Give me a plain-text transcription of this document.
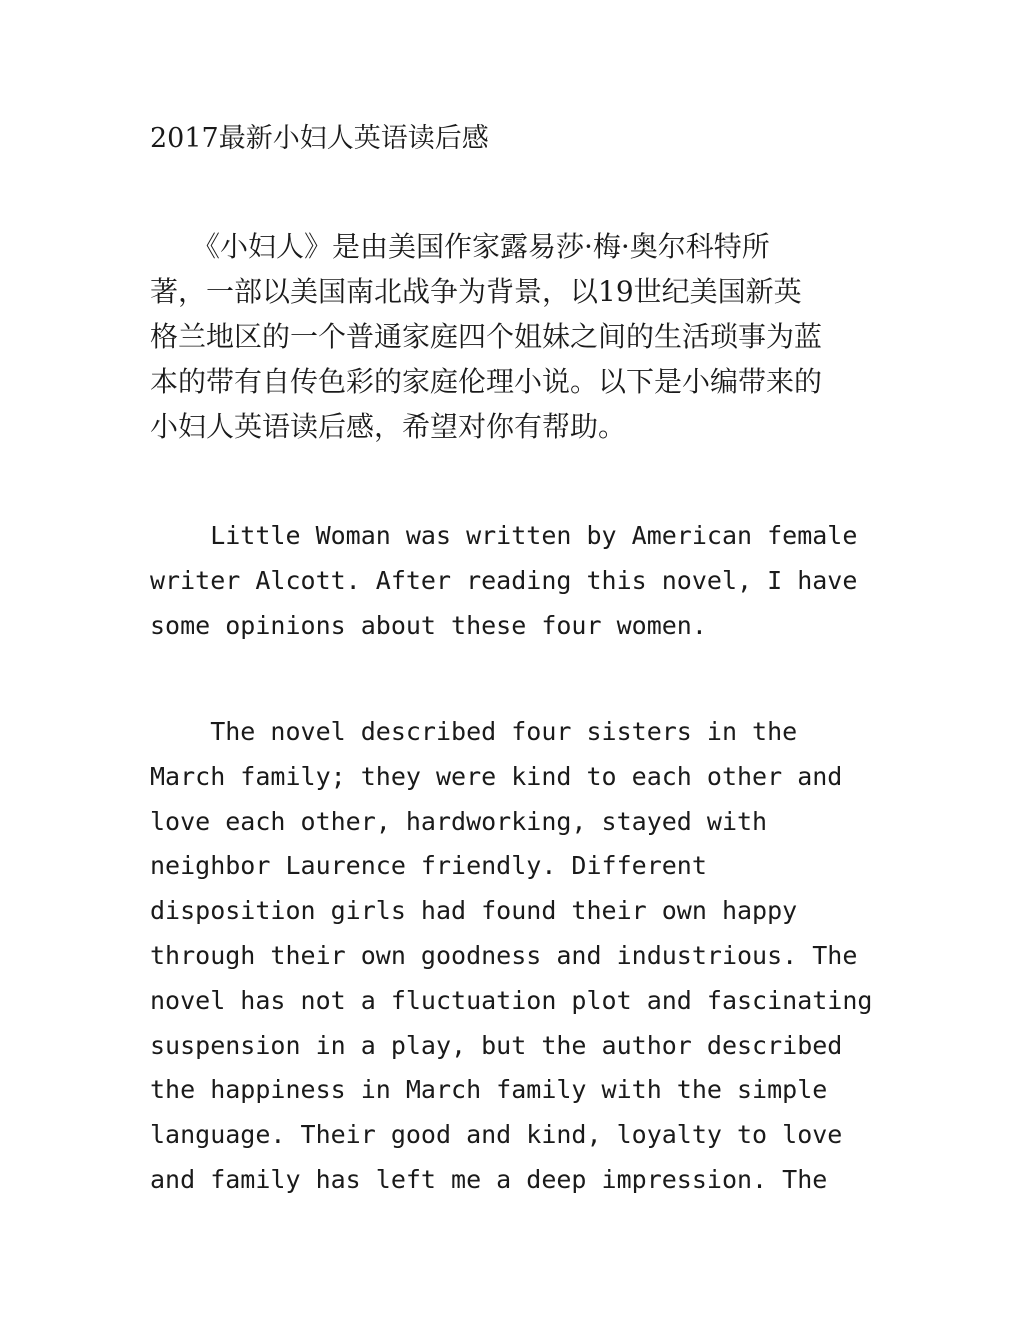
2017最新小妇人英语读后感

　　《小妇人》是由美国作家露易莎·梅·奥尔科特所
著，一部以美国南北战争为背景，以19世纪美国新英
格兰地区的一个普通家庭四个姐妹之间的生活琐事为蓝
本的带有自传色彩的家庭伦理小说。以下是小编带来的
小妇人英语读后感，希望对你有帮助。

Little Woman was written by American female
writer Alcott. After reading this novel, I have
some opinions about these four women.

The novel described four sisters in the
March family; they were kind to each other and
love each other, hardworking, stayed with
neighbor Laurence friendly. Different
disposition girls had found their own happy
through their own goodness and industrious. The
novel has not a fluctuation plot and fascinating
suspension in a play, but the author described
the happiness in March family with the simple
language. Their good and kind, loyalty to love
and family has left me a deep impression. The
